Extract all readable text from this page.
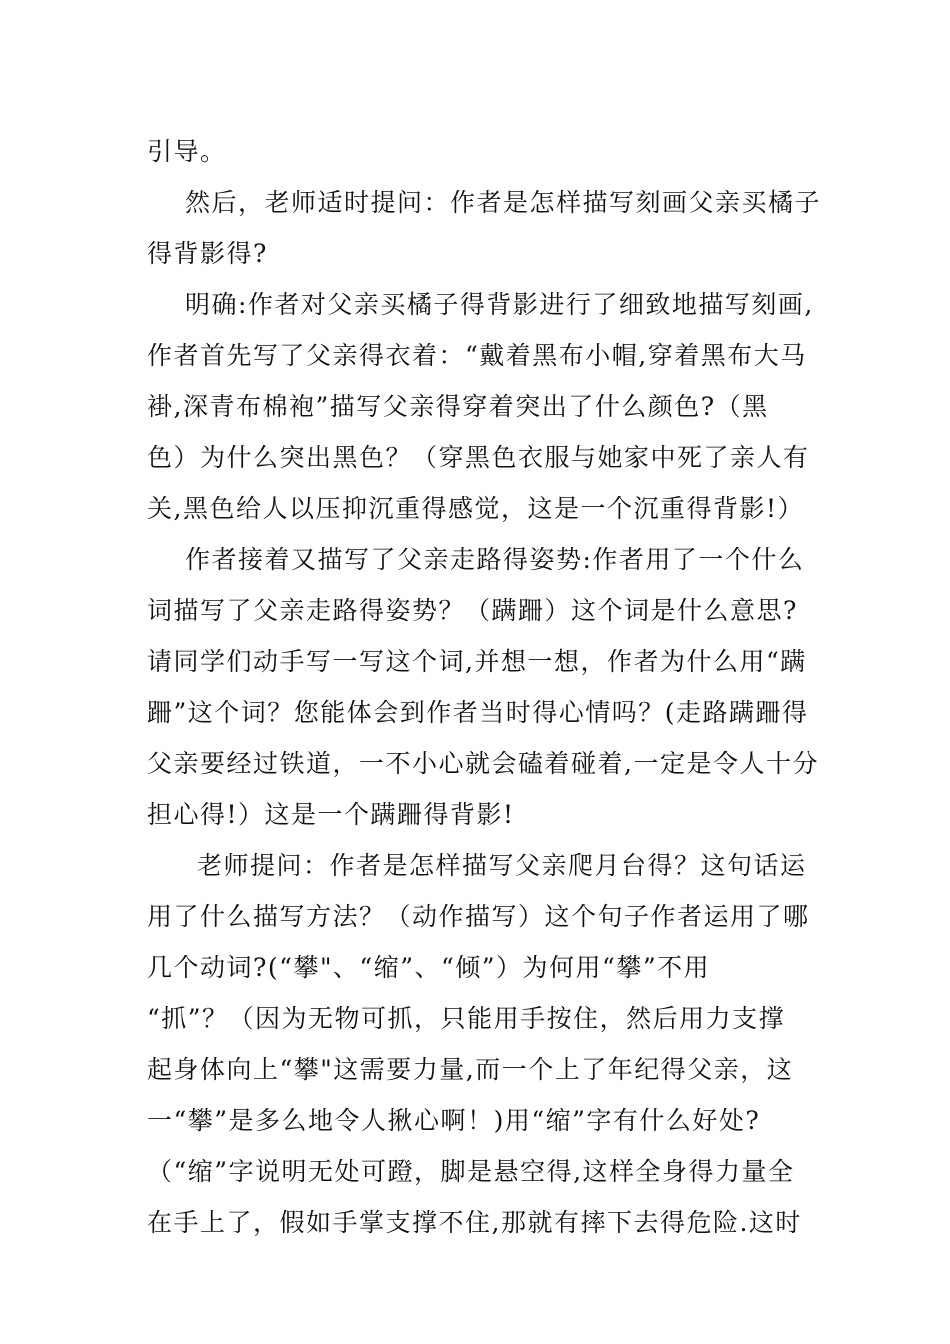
引导。
然后，老师适时提问：作者是怎样描写刻画父亲买橘子
得背影得?
明确:作者对父亲买橘子得背影进行了细致地描写刻画,
作者首先写了父亲得衣着：“戴着黑布小帽,穿着黑布大马
褂,深青布棉袍”描写父亲得穿着突出了什么颜色?（黑
色）为什么突出黑色？（穿黑色衣服与她家中死了亲人有
关,黑色给人以压抑沉重得感觉，这是一个沉重得背影!）
作者接着又描写了父亲走路得姿势:作者用了一个什么
词描写了父亲走路得姿势？（蹒跚）这个词是什么意思?
请同学们动手写一写这个词,并想一想，作者为什么用“蹒
跚”这个词？您能体会到作者当时得心情吗？(走路蹒跚得
父亲要经过铁道，一不小心就会磕着碰着,一定是令人十分
担心得!）这是一个蹒跚得背影!
老师提问：作者是怎样描写父亲爬月台得？这句话运
用了什么描写方法？（动作描写）这个句子作者运用了哪
几个动词?(“攀"、“缩”、“倾”）为何用“攀”不用
“抓”？（因为无物可抓，只能用手按住，然后用力支撑
起身体向上“攀"这需要力量,而一个上了年纪得父亲，这
一“攀”是多么地令人揪心啊！)用“缩”字有什么好处?
（“缩”字说明无处可蹬，脚是悬空得,这样全身得力量全
在手上了，假如手掌支撑不住,那就有摔下去得危险.这时
